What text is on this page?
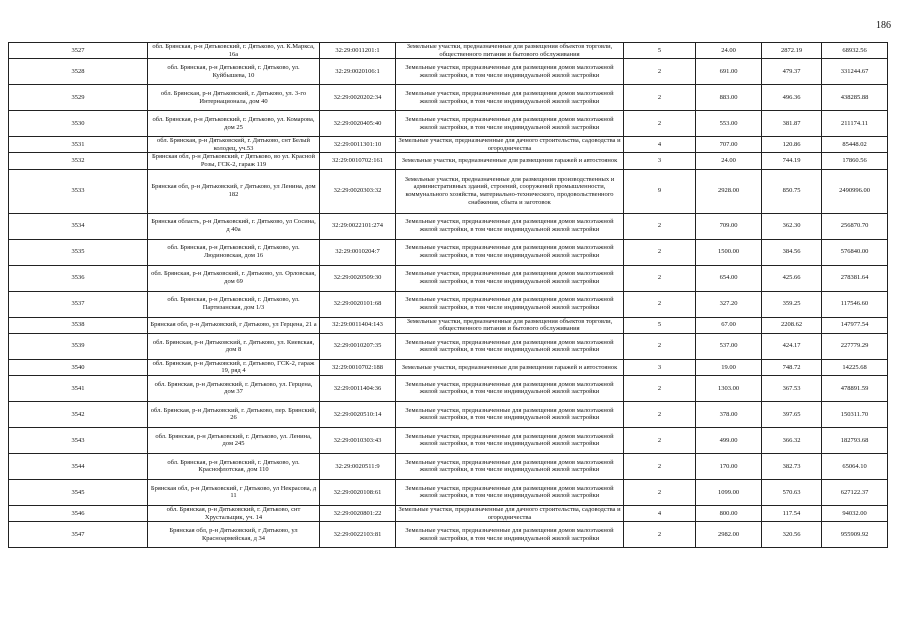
186
3527	обл. Брянская, р-н Дятьковский, г. Дятьково, ул. К.Маркса, 16а	32:29:0011201:1	Земельные участки, предназначенные для размещения объектов торговли, общественного питания и бытового обслуживания	5	24.00	2872.19	68932.56
3528	обл. Брянская, р-н Дятьковский, г. Дятьково, ул. Куйбышева, 10	32:29:0020106:1	Земельные участки, предназначенные для размещения домов малоэтажной жилой застройки, в том числе индивидуальной жилой застройки	2	691.00	479.37	331244.67
3529	обл. Брянская, р-н Дятьковский, г. Дятьково, ул. 3-го Интернационала, дом 40	32:29:0020202:34	Земельные участки, предназначенные для размещения домов малоэтажной жилой застройки, в том числе индивидуальной жилой застройки	2	883.00	496.36	438285.88
3530	обл. Брянская, р-н Дятьковский, г. Дятьково, ул. Комарова, дом 25	32:29:0020405:40	Земельные участки, предназначенные для размещения домов малоэтажной жилой застройки, в том числе индивидуальной жилой застройки	2	553.00	381.87	211174.11
3531	обл. Брянская, р-н Дятьковский, г. Дятьково, снт Белый колодец, уч.53	32:29:0011301:10	Земельные участки, предназначенные для дачного строительства, садоводства и огородничества	4	707.00	120.86	85448.02
3532	Брянская обл, р-н Дятьковский, г Дятьково, во ул. Красной Розы, ГСК-2, гараж 119	32:29:0010702:161	Земельные участки, предназначенные для размещения гаражей и автостоянок	3	24.00	744.19	17860.56
3533	Брянская обл, р-н Дятьковский, г Дятьково, ул Ленина, дом 182	32:29:0020303:32	Земельные участки, предназначенные для размещения производственных и административных зданий, строений, сооружений промышленности, коммунального хозяйства, материально-технического, продовольственного снабжения, сбыта и заготовок	9	2928.00	850.75	2490996.00
3534	Брянская область, р-н Дятьковский, г. Дятьково, ул Сосина, д 40а	32:29:0022101:274	Земельные участки, предназначенные для размещения домов малоэтажной жилой застройки, в том числе индивидуальной жилой застройки	2	709.00	362.30	256870.70
3535	обл. Брянская, р-н Дятьковский, г. Дятьково, ул. Людиновская, дом 16	32:29:0010204:7	Земельные участки, предназначенные для размещения домов малоэтажной жилой застройки, в том числе индивидуальной жилой застройки	2	1500.00	384.56	576840.00
3536	обл. Брянская, р-н Дятьковский, г. Дятьково, ул. Орловская, дом 69	32:29:0020509:30	Земельные участки, предназначенные для размещения домов малоэтажной жилой застройки, в том числе индивидуальной жилой застройки	2	654.00	425.66	278381.64
3537	обл. Брянская, р-н Дятьковский, г. Дятьково, ул. Партизанская, дом 1/3	32:29:0020101:68	Земельные участки, предназначенные для размещения домов малоэтажной жилой застройки, в том числе индивидуальной жилой застройки	2	327.20	359.25	117546.60
3538	Брянская обл, р-н Дятьковский, г Дятьково, ул Герцена, 21 а	32:29:0011404:143	Земельные участки, предназначенные для размещения объектов торговли, общественного питания и бытового обслуживания	5	67.00	2208.62	147977.54
3539	обл. Брянская, р-н Дятьковский, г. Дятьково, ул. Киевская, дом 8	32:29:0010207:35	Земельные участки, предназначенные для размещения домов малоэтажной жилой застройки, в том числе индивидуальной жилой застройки	2	537.00	424.17	227779.29
3540	обл. Брянская, р-н Дятьковский, г. Дятьково, ГСК-2, гараж 19, ряд 4	32:29:0010702:188	Земельные участки, предназначенные для размещения гаражей и автостоянок	3	19.00	748.72	14225.68
3541	обл. Брянская, р-н Дятьковский, г. Дятьково, ул. Герцена, дом 37	32:29:0011404:36	Земельные участки, предназначенные для размещения домов малоэтажной жилой застройки, в том числе индивидуальной жилой застройки	2	1303.00	367.53	478891.59
3542	обл. Брянская, р-н Дятьковский, г. Дятьково, пер. Брянский, 26	32:29:0020510:14	Земельные участки, предназначенные для размещения домов малоэтажной жилой застройки, в том числе индивидуальной жилой застройки	2	378.00	397.65	150311.70
3543	обл. Брянская, р-н Дятьковский, г. Дятьково, ул. Ленина, дом 245	32:29:0010303:43	Земельные участки, предназначенные для размещения домов малоэтажной жилой застройки, в том числе индивидуальной жилой застройки	2	499.00	366.32	182793.68
3544	обл. Брянская, р-н Дятьковский, г. Дятьково, ул. Краснофлотская, дом 110	32:29:0020511:9	Земельные участки, предназначенные для размещения домов малоэтажной жилой застройки, в том числе индивидуальной жилой застройки	2	170.00	382.73	65064.10
3545	Брянская обл, р-н Дятьковский, г Дятьково, ул Некрасова, д 11	32:29:0020108:61	Земельные участки, предназначенные для размещения домов малоэтажной жилой застройки, в том числе индивидуальной жилой застройки	2	1099.00	570.63	627122.37
3546	обл. Брянская, р-н Дятьковский, г. Дятьково, снт Хрустальщик, уч. 14	32:29:0020801:22	Земельные участки, предназначенные для дачного строительства, садоводства и огородничества	4	800.00	117.54	94032.00
3547	Брянская обл, р-н Дятьковский, г Дятьково, ул Красноармейская, д 34	32:29:0022103:81	Земельные участки, предназначенные для размещения домов малоэтажной жилой застройки, в том числе индивидуальной жилой застройки	2	2982.00	320.56	955909.92
